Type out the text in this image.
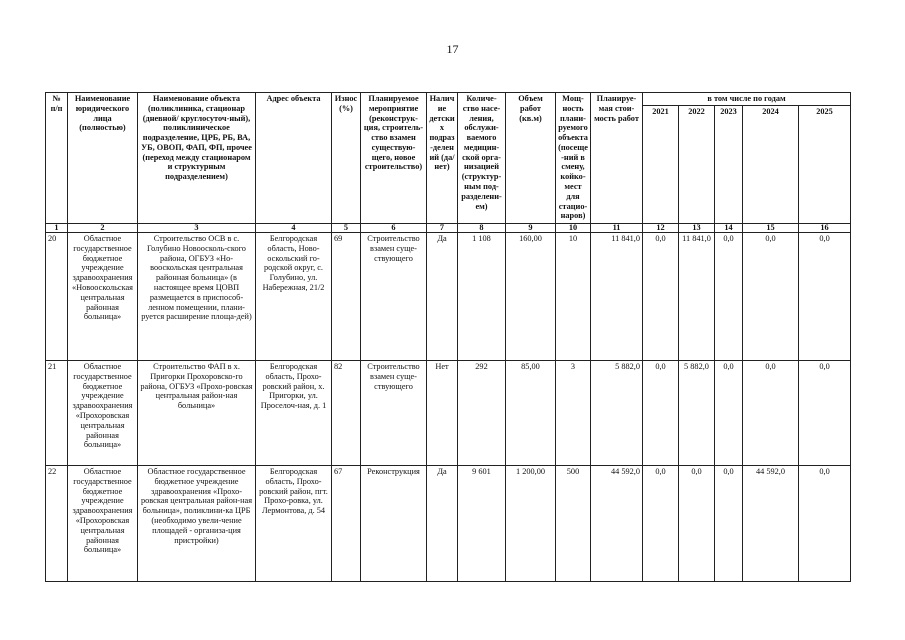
17
№ п/п	Наименование юридического лица (полностью)	Наименование объекта (поликлиника, стационар (дневной/ круглосуточ-ный), поликлиническое подразделение, ЦРБ, РБ, ВА, УБ, ОВОП, ФАП, ФП, прочее (переход между стационаром и структурным подразделением)	Адрес объекта	Износ (%)	Планируемое мероприятие (реконструк-ция, строитель-ство взамен существую-щего, новое строительство)	Наличие детских подраз-делений (да/нет)	Количе-ство насе-ления, обслужи-ваемого медицин-ской орга-низацией (структур-ным под-разделени-ем)	Объем работ (кв.м)	Мощ-ность плани-руемого объекта (посеще-ний в смену, койко-мест для стацио-наров)	Планируе-мая стои-мость работ	в том числе по годам				
											2021	2022	2023	2024	2025
1	2	3	4	5	6	7	8	9	10	11	12	13	14	15	16
20	Областное государственное бюджетное учреждение здравоохранения «Новооскольская центральная районная больница»	Строительство ОСВ в с. Голубино Новоосколь-ского района, ОГБУЗ «Но-вооскольская центральная районная больница» (в настоящее время ЦОВП размещается в приспособ-ленном помещении, плани-руется расширение площа-дей)	Белгородская область, Ново-оскольский го-родской округ, с. Голубино, ул. Набережная, 21/2	69	Строительство взамен суще-ствующего	Да	1 108	160,00	10	11 841,0	0,0	11 841,0	0,0	0,0	0,0
21	Областное государственное бюджетное учреждение здравоохранения «Прохоровская центральная районная больница»	Строительство ФАП в х. Пригорки Прохоровско-го района, ОГБУЗ «Прохо-ровская центральная район-ная больница»	Белгородская область, Прохо-ровский район, х. Пригорки, ул. Проселоч-ная, д. 1	82	Строительство взамен суще-ствующего	Нет	292	85,00	3	5 882,0	0,0	5 882,0	0,0	0,0	0,0
22	Областное государственное бюджетное учреждение здравоохранения «Прохоровская центральная районная больница»	Областное государственное бюджетное учреждение здравоохранения «Прохо-ровская центральная район-ная больница», поликлини-ка ЦРБ (необходимо увели-чение площадей - организа-ция пристройки)	Белгородская область, Прохо-ровский район, пгт. Прохо-ровка, ул. Лермонтова, д. 54	67	Реконструкция	Да	9 601	1 200,00	500	44 592,0	0,0	0,0	0,0	44 592,0	0,0
